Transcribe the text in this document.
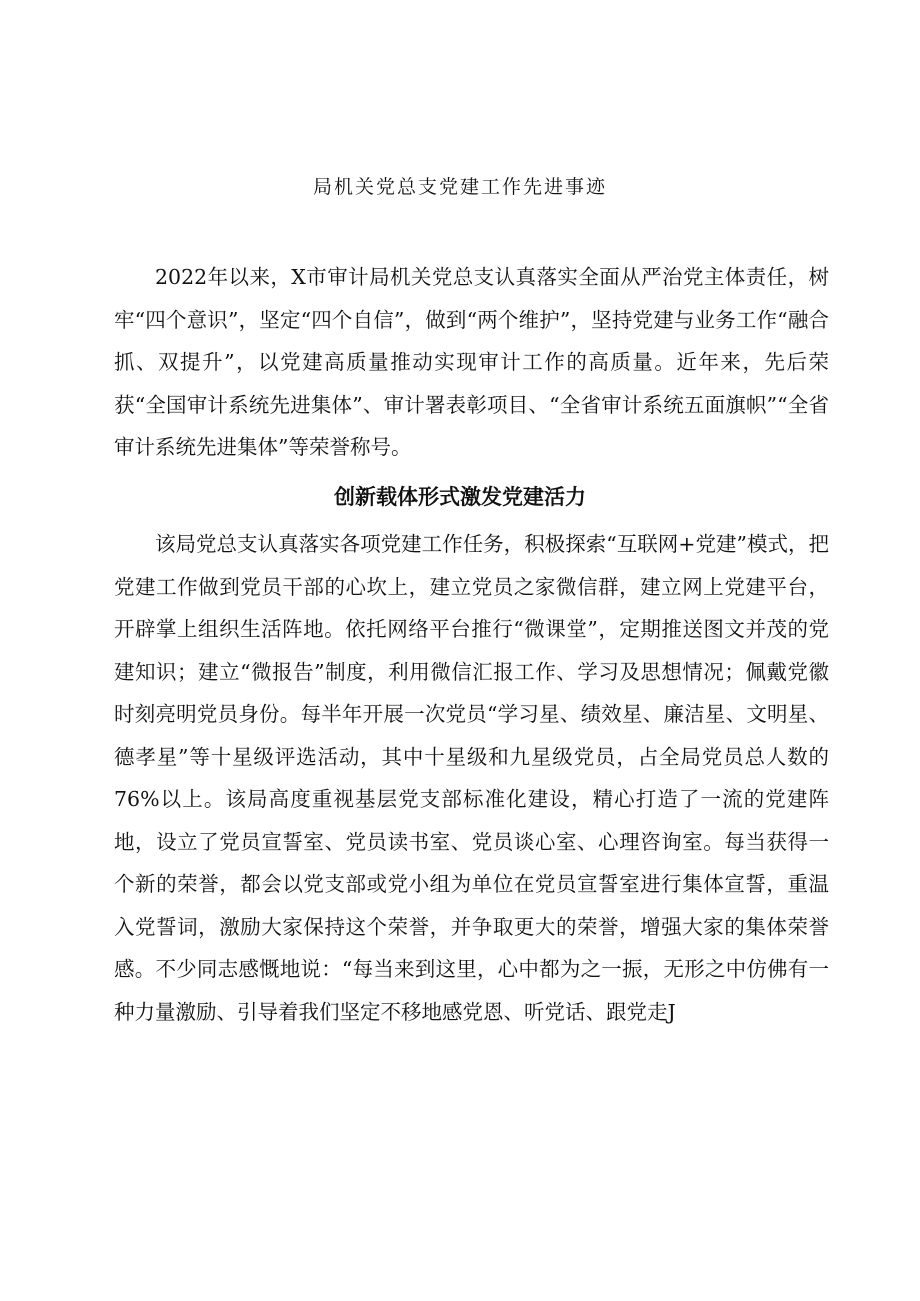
局机关党总支党建工作先进事迹

2022年以来，X市审计局机关党总支认真落实全面从严治党主体责任，树牢“四个意识”，坚定“四个自信”，做到“两个维护”，坚持党建与业务工作“融合抓、双提升”，以党建高质量推动实现审计工作的高质量。近年来，先后荣获“全国审计系统先进集体”、审计署表彰项目、“全省审计系统五面旗帜”“全省审计系统先进集体”等荣誉称号。

创新载体形式激发党建活力

该局党总支认真落实各项党建工作任务，积极探索“互联网+党建”模式，把党建工作做到党员干部的心坎上，建立党员之家微信群，建立网上党建平台，开辟掌上组织生活阵地。依托网络平台推行“微课堂”，定期推送图文并茂的党建知识；建立“微报告”制度，利用微信汇报工作、学习及思想情况；佩戴党徽时刻亮明党员身份。每半年开展一次党员“学习星、绩效星、廉洁星、文明星、德孝星”等十星级评选活动，其中十星级和九星级党员，占全局党员总人数的76%以上。该局高度重视基层党支部标准化建设，精心打造了一流的党建阵地，设立了党员宣誓室、党员读书室、党员谈心室、心理咨询室。每当获得一个新的荣誉，都会以党支部或党小组为单位在党员宣誓室进行集体宣誓，重温入党誓词，激励大家保持这个荣誉，并争取更大的荣誉，增强大家的集体荣誉感。不少同志感慨地说：“每当来到这里，心中都为之一振，无形之中仿佛有一种力量激励、引导着我们坚定不移地感党恩、听党话、跟党走J
